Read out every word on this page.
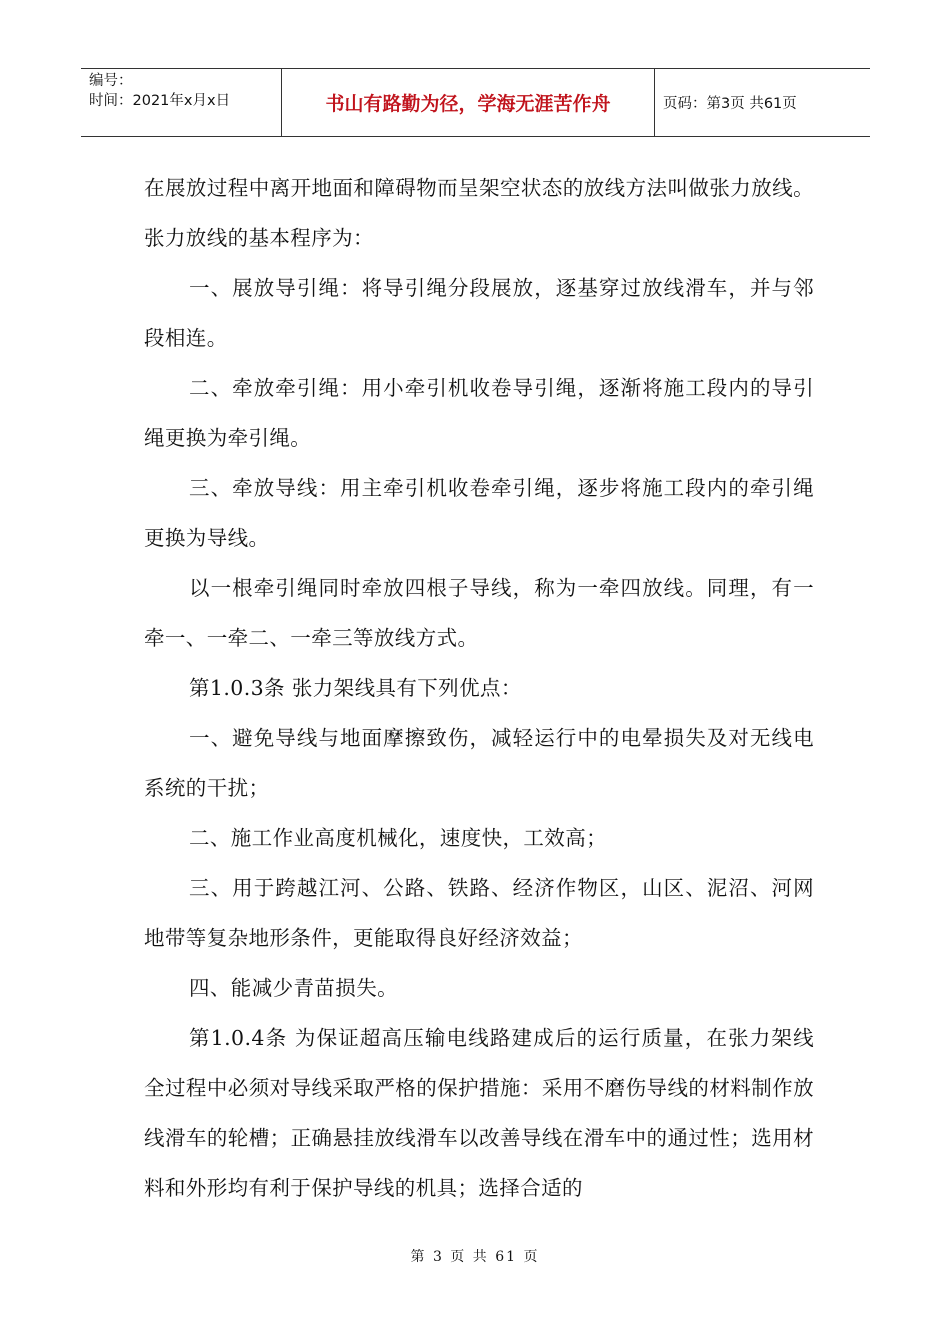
编号：
时间：2021年x月x日	书山有路勤为径，学海无涯苦作舟	页码：第3页 共61页

在展放过程中离开地面和障碍物而呈架空状态的放线方法叫做张力放线。张力放线的基本程序为：

一、展放导引绳：将导引绳分段展放，逐基穿过放线滑车，并与邻段相连。

二、牵放牵引绳：用小牵引机收卷导引绳，逐渐将施工段内的导引绳更换为牵引绳。

三、牵放导线：用主牵引机收卷牵引绳，逐步将施工段内的牵引绳更换为导线。

以一根牵引绳同时牵放四根子导线，称为一牵四放线。同理，有一牵一、一牵二、一牵三等放线方式。

第1.0.3条 张力架线具有下列优点：

一、避免导线与地面摩擦致伤，减轻运行中的电晕损失及对无线电系统的干扰；

二、施工作业高度机械化，速度快，工效高；

三、用于跨越江河、公路、铁路、经济作物区，山区、泥沼、河网地带等复杂地形条件，更能取得良好经济效益；

四、能减少青苗损失。

第1.0.4条 为保证超高压输电线路建成后的运行质量，在张力架线全过程中必须对导线采取严格的保护措施：采用不磨伤导线的材料制作放线滑车的轮槽；正确悬挂放线滑车以改善导线在滑车中的通过性；选用材料和外形均有利于保护导线的机具；选择合适的

第 3 页 共 61 页
